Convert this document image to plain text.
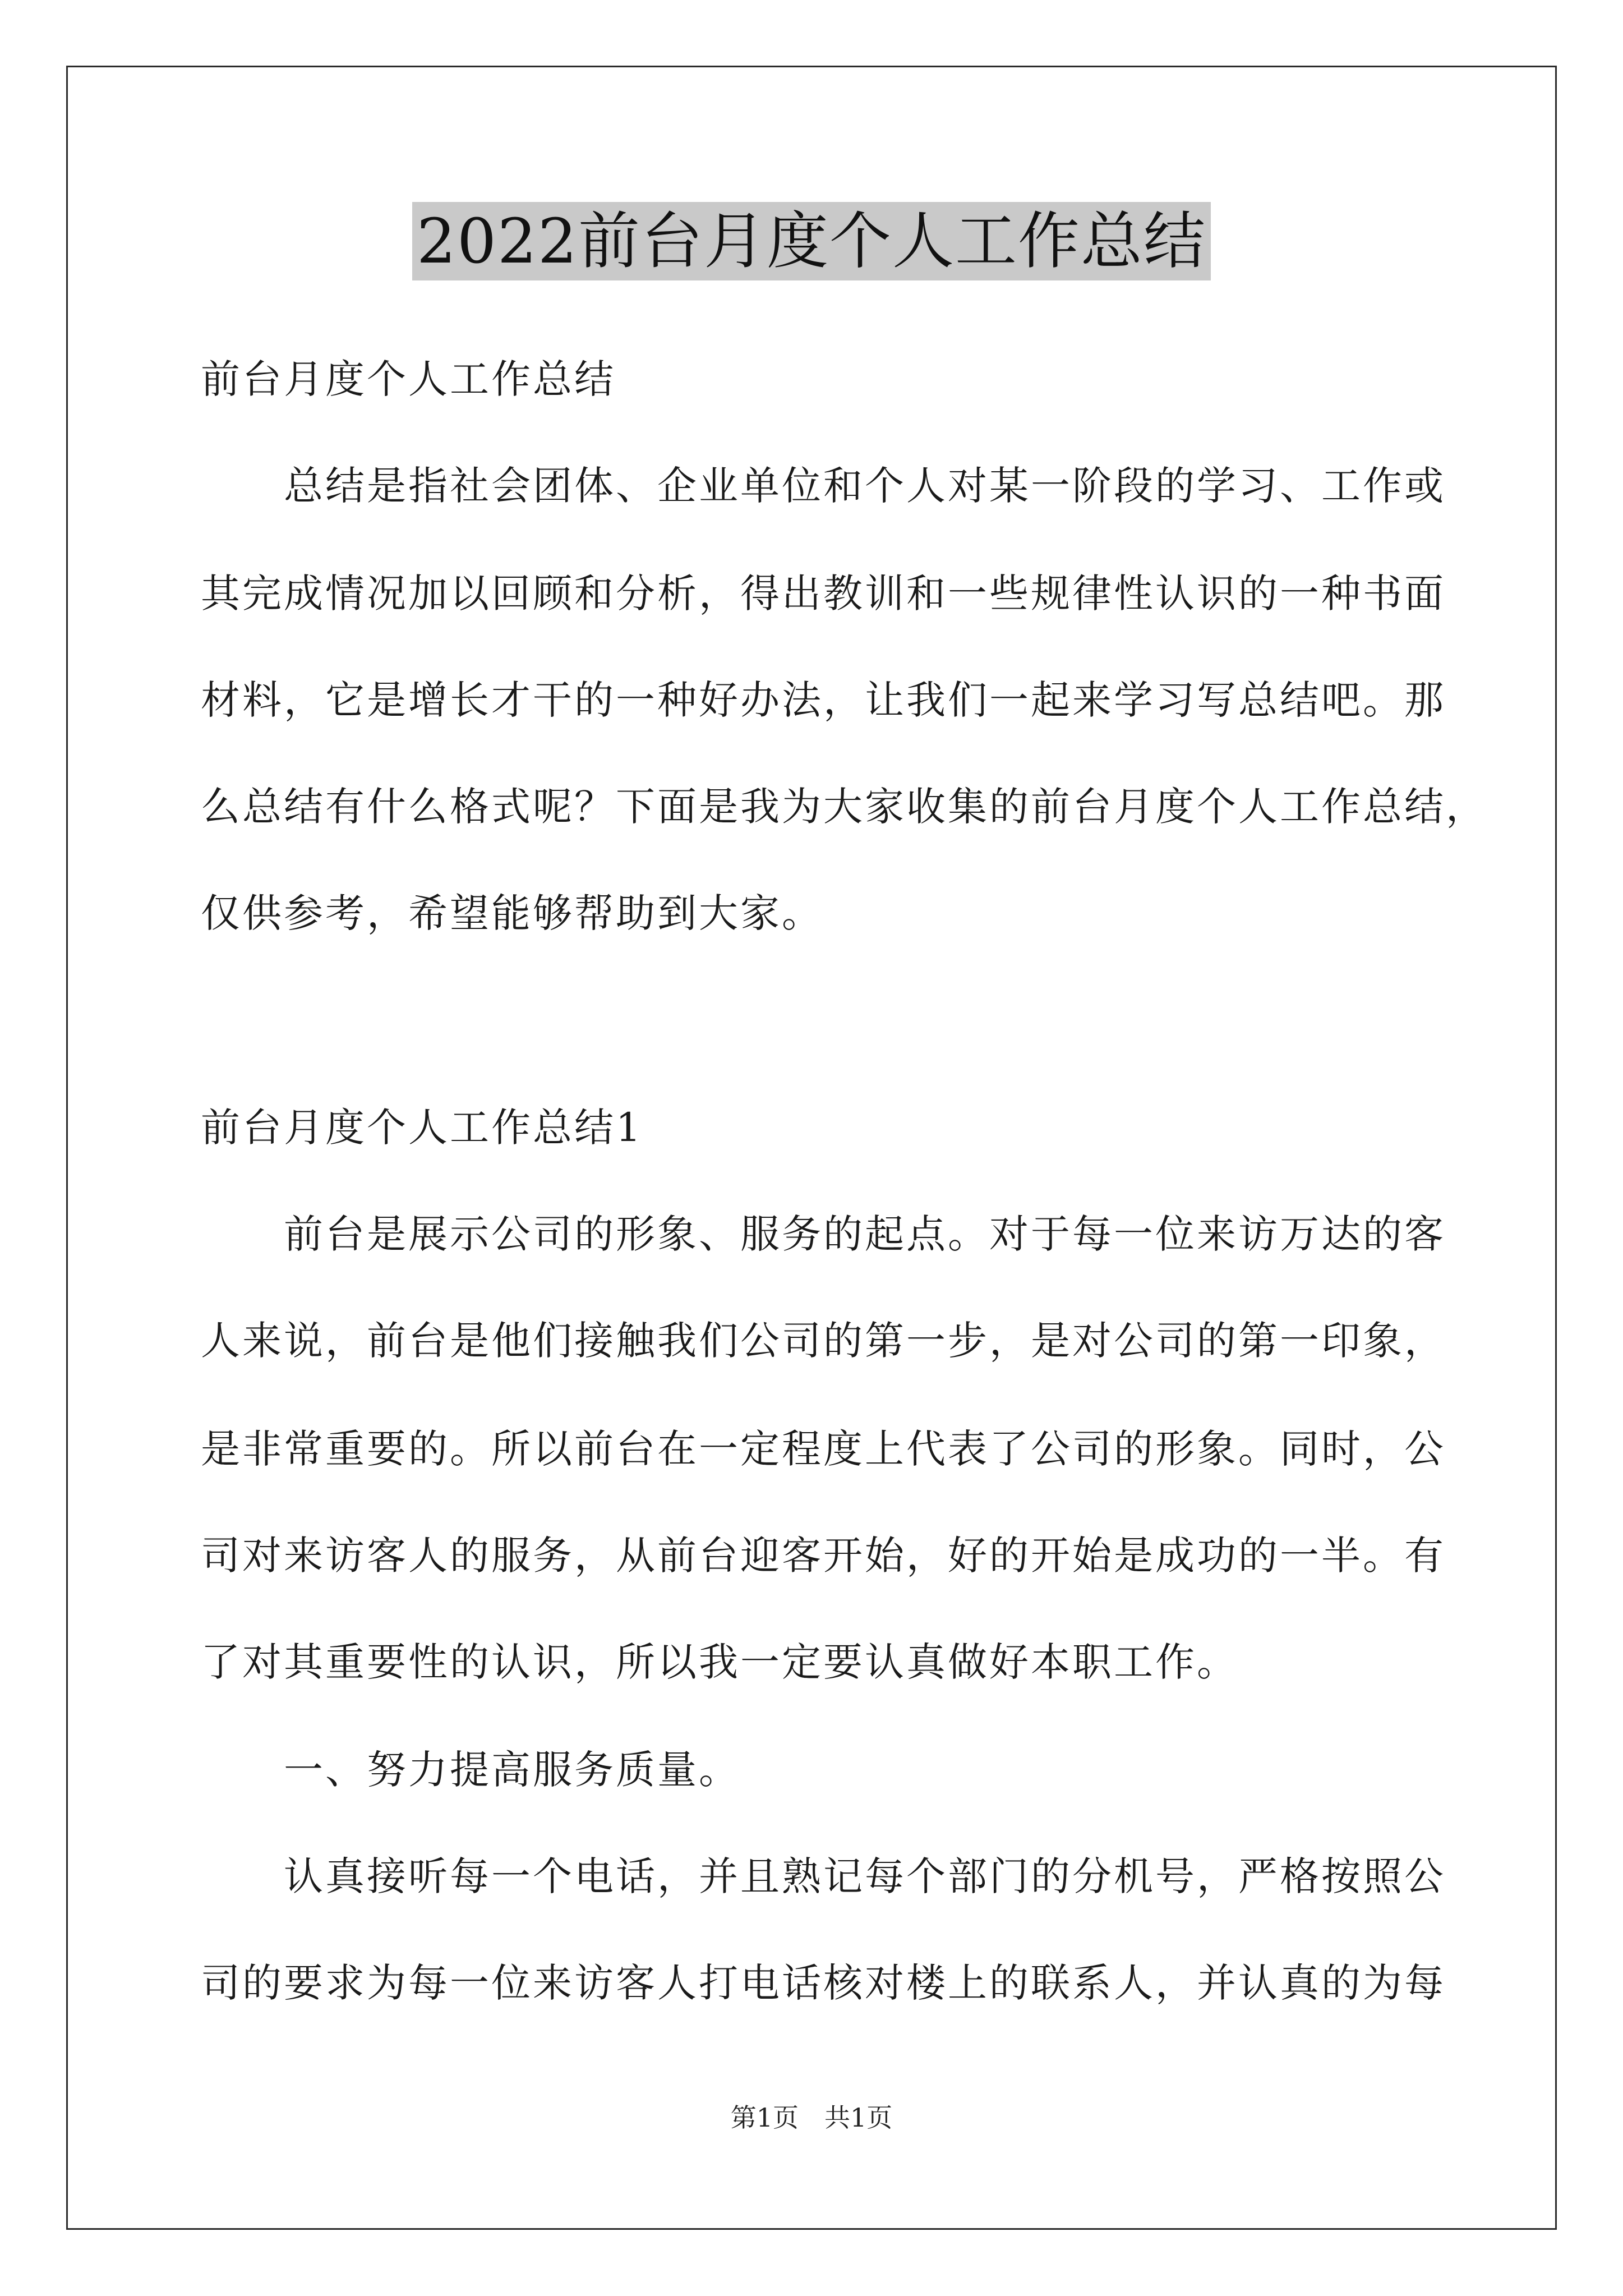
2022前台月度个人工作总结
前台月度个人工作总结
　　总结是指社会团体、企业单位和个人对某一阶段的学习、工作或
其完成情况加以回顾和分析，得出教训和一些规律性认识的一种书面
材料，它是增长才干的一种好办法，让我们一起来学习写总结吧。那
么总结有什么格式呢？下面是我为大家收集的前台月度个人工作总结，
仅供参考，希望能够帮助到大家。
前台月度个人工作总结1
　　前台是展示公司的形象、服务的起点。对于每一位来访万达的客
人来说，前台是他们接触我们公司的第一步，是对公司的第一印象，
是非常重要的。所以前台在一定程度上代表了公司的形象。同时，公
司对来访客人的服务，从前台迎客开始，好的开始是成功的一半。有
了对其重要性的认识，所以我一定要认真做好本职工作。
　　一、努力提高服务质量。
　　认真接听每一个电话，并且熟记每个部门的分机号，严格按照公
司的要求为每一位来访客人打电话核对楼上的联系人，并认真的为每
第1页　共1页
